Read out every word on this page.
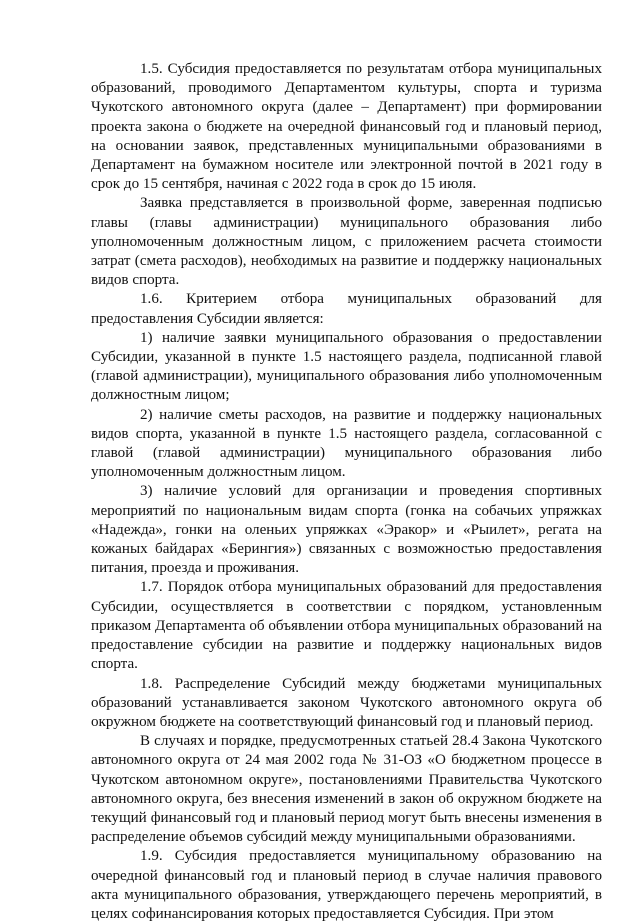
1.5. Субсидия предоставляется по результатам отбора муниципальных образований, проводимого Департаментом культуры, спорта и туризма Чукотского автономного округа (далее – Департамент) при формировании проекта закона о бюджете на очередной финансовый год и плановый период, на основании заявок, представленных муниципальными образованиями в Департамент на бумажном носителе или электронной почтой в 2021 году в срок до 15 сентября, начиная с 2022 года в срок до 15 июля.

Заявка представляется в произвольной форме, заверенная подписью главы (главы администрации) муниципального образования либо уполномоченным должностным лицом, с приложением расчета стоимости затрат (смета расходов), необходимых на развитие и поддержку национальных видов спорта.

1.6. Критерием отбора муниципальных образований для предоставления Субсидии является:

1) наличие заявки муниципального образования о предоставлении Субсидии, указанной в пункте 1.5 настоящего раздела, подписанной главой (главой администрации), муниципального образования либо уполномоченным должностным лицом;

2) наличие сметы расходов, на развитие и поддержку национальных видов спорта, указанной в пункте 1.5 настоящего раздела, согласованной с главой (главой администрации) муниципального образования либо уполномоченным должностным лицом.

3) наличие условий для организации и проведения спортивных мероприятий по национальным видам спорта (гонка на собачьих упряжках «Надежда», гонки на оленьих упряжках «Эракор» и «Рыилет», регата на кожаных байдарах «Берингия») связанных с возможностью предоставления питания, проезда и проживания.

1.7. Порядок отбора муниципальных образований для предоставления Субсидии, осуществляется в соответствии с порядком, установленным приказом Департамента об объявлении отбора муниципальных образований на предоставление субсидии на развитие и поддержку национальных видов спорта.

1.8. Распределение Субсидий между бюджетами муниципальных образований устанавливается законом Чукотского автономного округа об окружном бюджете на соответствующий финансовый год и плановый период.

В случаях и порядке, предусмотренных статьей 28.4 Закона Чукотского автономного округа от 24 мая 2002 года № 31-ОЗ «О бюджетном процессе в Чукотском автономном округе», постановлениями Правительства Чукотского автономного округа, без внесения изменений в закон об окружном бюджете на текущий финансовый год и плановый период могут быть внесены изменения в распределение объемов субсидий между муниципальными образованиями.

1.9. Субсидия предоставляется муниципальному образованию на очередной финансовый год и плановый период в случае наличия правового акта муниципального образования, утверждающего перечень мероприятий, в целях софинансирования которых предоставляется Субсидия. При этом
